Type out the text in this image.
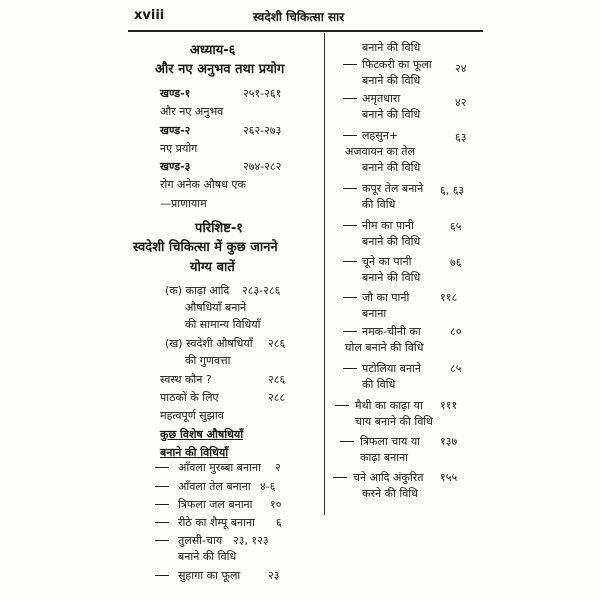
xviii	स्वदेशी चिकित्सा सार
अध्याय-६
और नए अनुभव तथा प्रयोग
खण्ड-१	२५१-२६१
और नए अनुभव
खण्ड-२	२६२-२७३
नए प्रयोग
खण्ड-३	२७४-२८२
रोग अनेक औषध एक
—प्राणायाम
परिशिष्ट-१
स्वदेशी चिकित्सा में कुछ जानने
योग्य बातें
(क) काढ़ा आदि २८३-२८६
औषधियाँ बनाने
की सामान्य विधियाँ
(ख) स्वदेशी औषधियाँ २८६
की गुणवत्ता
स्वस्थ कौन ?	२८६
पाठकों के लिए	२८८
महत्वपूर्ण सुझाव
कुछ विशेष औषधियाँ
बनाने की विधियाँ
आँवला मुरब्बा बनाना २
आँवला तेल बनाना ४-६
त्रिफला जल बनाना १०
रीठे का शैम्पू बनाना ६
तुलसी-चाय २३, १२३
बनाने की विधि
सुहागा का फूला	२३
बनाने की विधि
फिटकरी का फूला
बनाने की विधि
२४
अमृतधारा
बनाने की विधि
४२
लहसुन+
अजवायन का तेल
बनाने की विधि
६३
कपूर तेल बनाने
की विधि
६, ६३
नीम का पानी
बनाने की विधि
६५
चूने का पानी
बनाने की विधि
७६
जौ का पानी
बनाना
११८
नमक-चीनी का
घोल बनाने की विधि
८०
पटोलिया बनाने
की विधि
८५
मैथी का काढ़ा या
चाय बनाने की विधि
१११
त्रिफला चाय या
काढ़ा बनाना
१३७
चने आदि अंकुरित
करने की विधि
१५५
